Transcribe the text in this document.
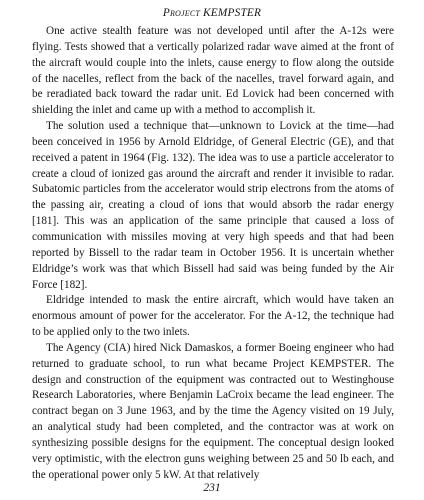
Project KEMPSTER

One active stealth feature was not developed until after the A-12s were flying. Tests showed that a vertically polarized radar wave aimed at the front of the aircraft would couple into the inlets, cause energy to flow along the outside of the nacelles, reflect from the back of the nacelles, travel forward again, and be reradiated back toward the radar unit. Ed Lovick had been concerned with shielding the inlet and came up with a method to accomplish it.

The solution used a technique that—unknown to Lovick at the time—had been conceived in 1956 by Arnold Eldridge, of General Electric (GE), and that received a patent in 1964 (Fig. 132). The idea was to use a particle accelerator to create a cloud of ionized gas around the aircraft and render it invisible to radar. Subatomic particles from the accelerator would strip electrons from the atoms of the passing air, creating a cloud of ions that would absorb the radar energy [181]. This was an application of the same principle that caused a loss of communication with missiles moving at very high speeds and that had been reported by Bissell to the radar team in October 1956. It is uncertain whether Eldridge’s work was that which Bissell had said was being funded by the Air Force [182].

Eldridge intended to mask the entire aircraft, which would have taken an enormous amount of power for the accelerator. For the A-12, the technique had to be applied only to the two inlets.

The Agency (CIA) hired Nick Damaskos, a former Boeing engineer who had returned to graduate school, to run what became Project KEMPSTER. The design and construction of the equipment was contracted out to Westinghouse Research Laboratories, where Benjamin LaCroix became the lead engineer. The contract began on 3 June 1963, and by the time the Agency visited on 19 July, an analytical study had been completed, and the contractor was at work on synthesizing possible designs for the equipment. The conceptual design looked very optimistic, with the electron guns weighing between 25 and 50 lb each, and the operational power only 5 kW. At that relatively

231
